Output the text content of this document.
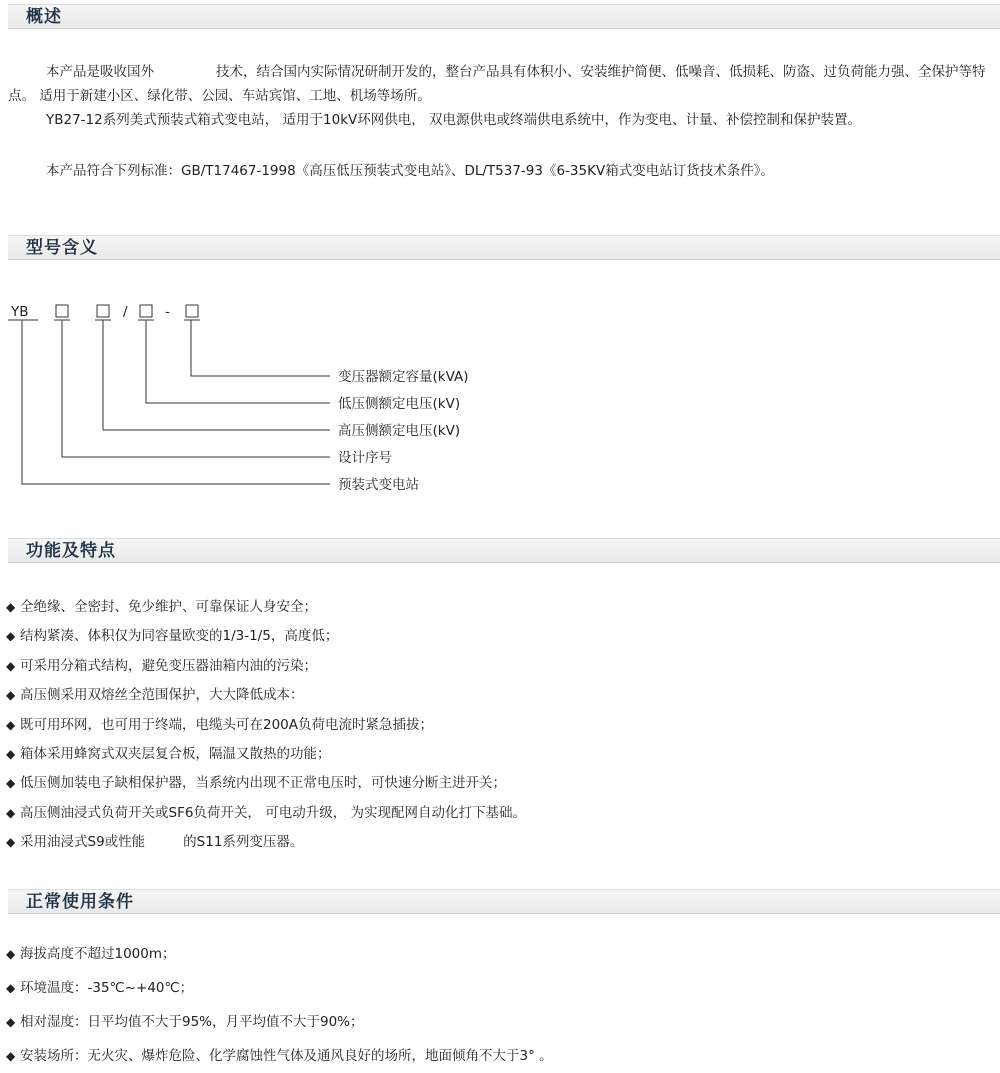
概述
本产品是吸收国外	技术，结合国内实际情况研制开发的，整台产品具有体积小、安装维护简便、低噪音、低损耗、防盗、过负荷能力强、全保护等特点。 适用于新建小区、绿化带、公园、车站宾馆、工地、机场等场所。
YB27-12系列美式预装式箱式变电站， 适用于10kV环网供电， 双电源供电或终端供电系统中，作为变电、计量、补偿控制和保护装置。
本产品符合下列标准：GB/T17467-1998《高压低压预装式变电站》、DL/T537-93《6-35KV箱式变电站订货技术条件》。
型号含义
YB	/	-
变压器额定容量(kVA)
低压侧额定电压(kV)
高压侧额定电压(kV)
设计序号
预装式变电站
功能及特点
◆ 全绝缘、全密封、免少维护、可靠保证人身安全；
◆ 结构紧凑、体积仅为同容量欧变的1/3-1/5，高度低；
◆ 可采用分箱式结构，避免变压器油箱内油的污染；
◆ 高压侧采用双熔丝全范围保护，大大降低成本：
◆ 既可用环网，也可用于终端，电缆头可在200A负荷电流时紧急插拔；
◆ 箱体采用蜂窝式双夹层复合板，隔温又散热的功能；
◆ 低压侧加装电子缺相保护器，当系统内出现不正常电压时，可快速分断主进开关；
◆ 高压侧油浸式负荷开关或SF6负荷开关， 可电动升级， 为实现配网自动化打下基础。
◆ 采用油浸式S9或性能	的S11系列变压器。
正常使用条件
◆ 海拔高度不超过1000m；
◆ 环境温度：-35℃~+40℃；
◆ 相对湿度：日平均值不大于95%，月平均值不大于90%；
◆ 安装场所：无火灾、爆炸危险、化学腐蚀性气体及通风良好的场所，地面倾角不大于3° 。
